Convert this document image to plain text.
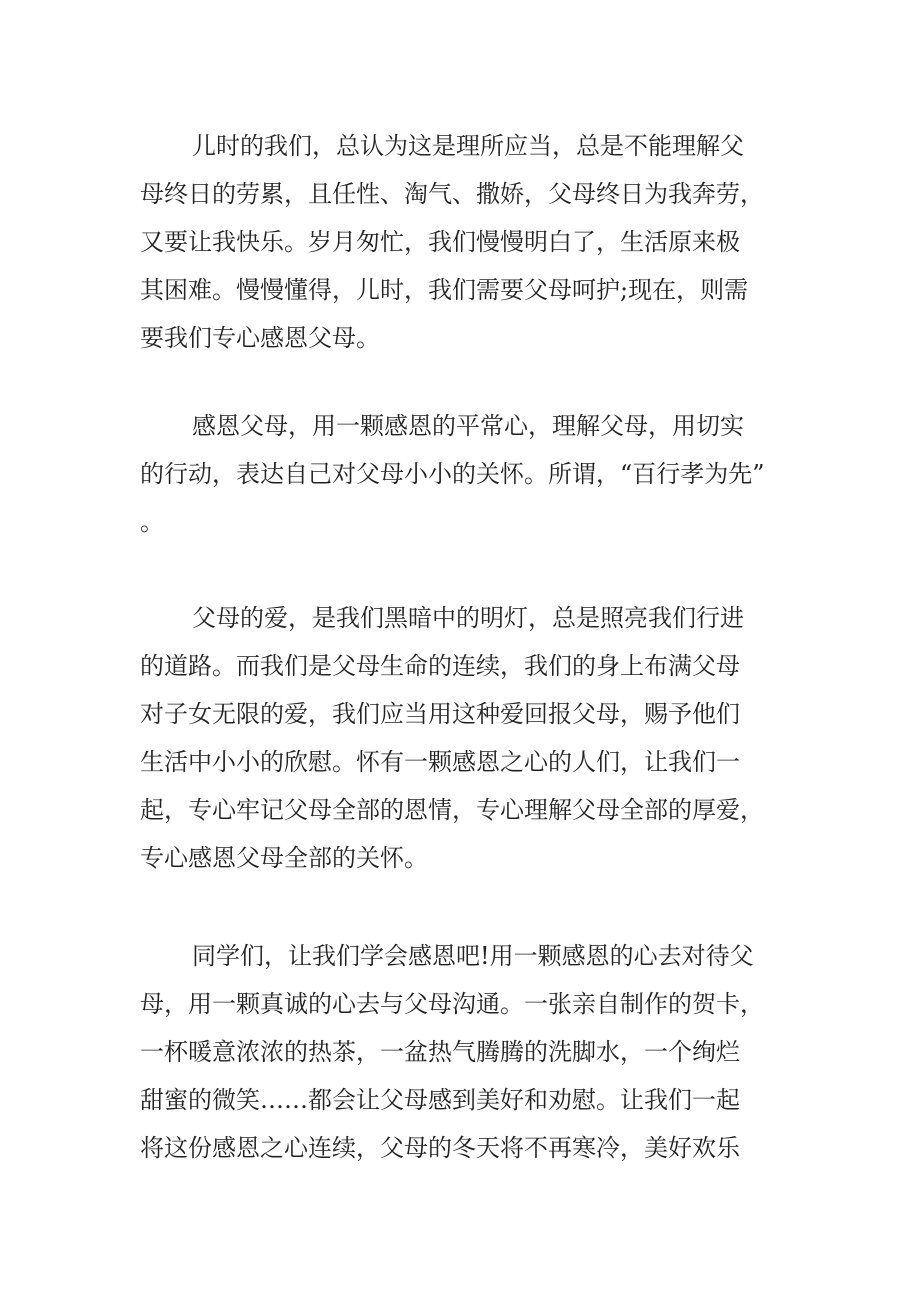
儿时的我们，总认为这是理所应当，总是不能理解父
母终日的劳累，且任性、淘气、撒娇，父母终日为我奔劳，
又要让我快乐。岁月匆忙，我们慢慢明白了，生活原来极
其困难。慢慢懂得，儿时，我们需要父母呵护;现在，则需
要我们专心感恩父母。

感恩父母，用一颗感恩的平常心，理解父母，用切实
的行动，表达自己对父母小小的关怀。所谓，“百行孝为先”
。

父母的爱，是我们黑暗中的明灯，总是照亮我们行进
的道路。而我们是父母生命的连续，我们的身上布满父母
对子女无限的爱，我们应当用这种爱回报父母，赐予他们
生活中小小的欣慰。怀有一颗感恩之心的人们，让我们一
起，专心牢记父母全部的恩情，专心理解父母全部的厚爱，
专心感恩父母全部的关怀。

同学们，让我们学会感恩吧!用一颗感恩的心去对待父
母，用一颗真诚的心去与父母沟通。一张亲自制作的贺卡，
一杯暖意浓浓的热茶，一盆热气腾腾的洗脚水，一个绚烂
甜蜜的微笑……都会让父母感到美好和劝慰。让我们一起
将这份感恩之心连续，父母的冬天将不再寒冷，美好欢乐
